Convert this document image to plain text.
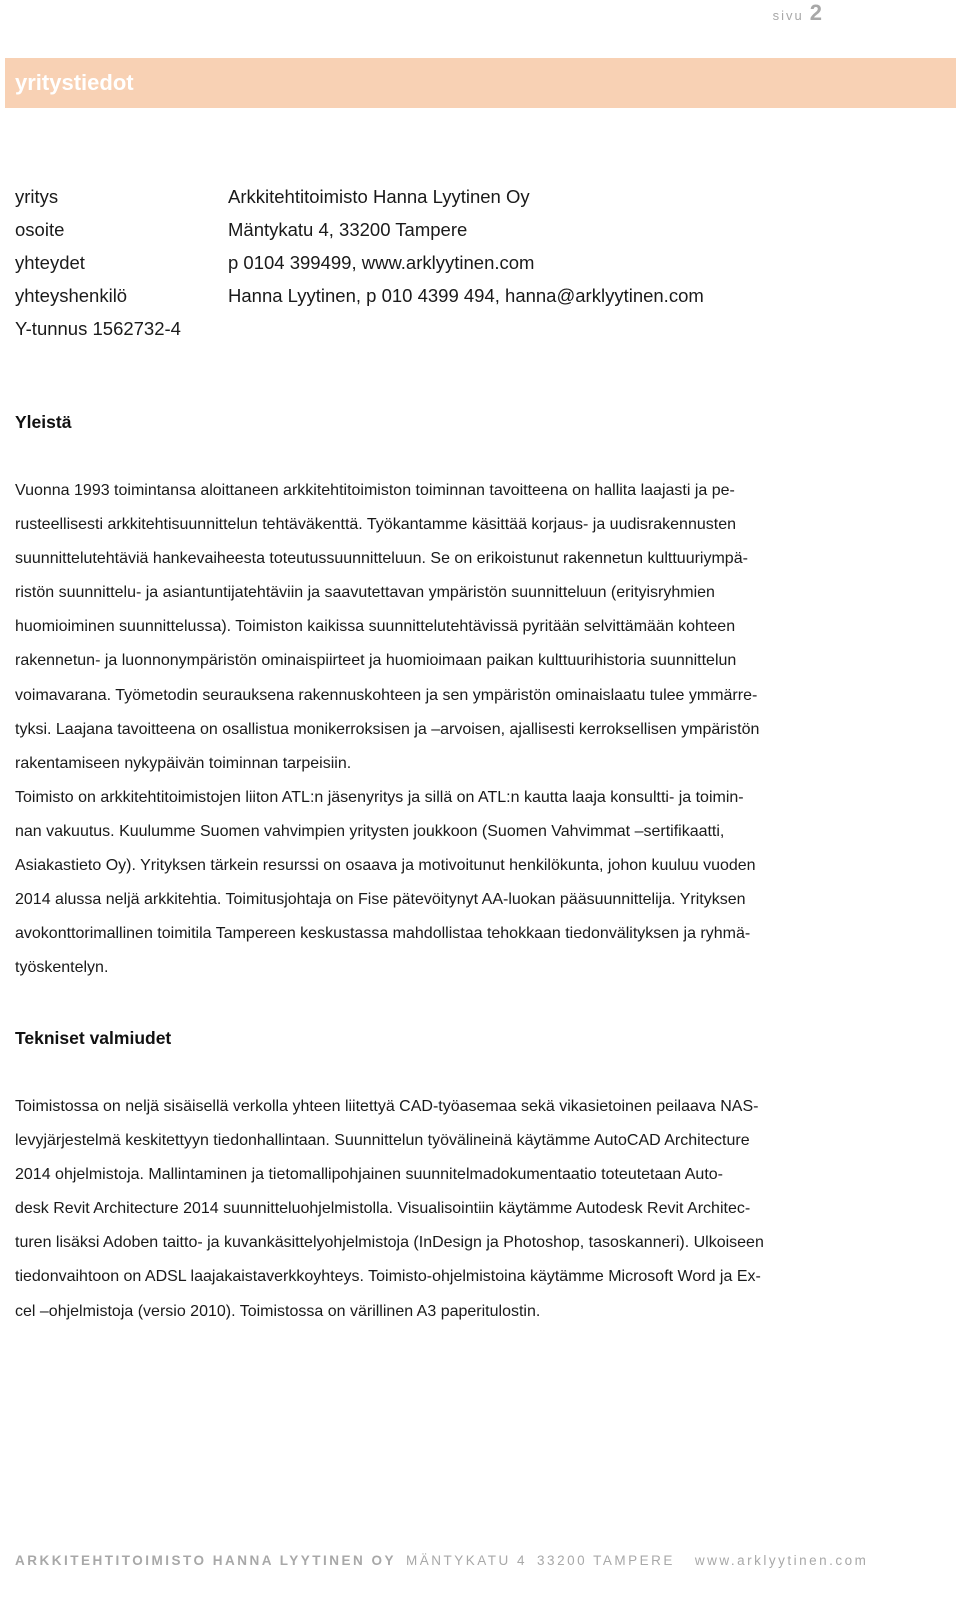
sivu 2
yritystiedot
yritys	Arkkitehtitoimisto Hanna Lyytinen Oy
osoite	Mäntykatu 4, 33200 Tampere
yhteydet	p 0104 399499, www.arklyytinen.com
yhteyshenkilö	Hanna Lyytinen, p 010 4399 494, hanna@arklyytinen.com
Y-tunnus 1562732-4
Yleistä
Vuonna 1993 toimintansa aloittaneen arkkitehtitoimiston toiminnan tavoitteena on hallita laajasti ja pe-
rusteellisesti arkkitehtisuunnittelun tehtäväkenttä. Työkantamme käsittää korjaus- ja uudisrakennusten
suunnittelutehtäviä hankevaiheesta toteutussuunnitteluun. Se on erikoistunut rakennetun kulttuuriympä-
ristön suunnittelu- ja asiantuntijatehtäviin ja saavutettavan ympäristön suunnitteluun (erityisryhmien
huomioiminen suunnittelussa). Toimiston kaikissa suunnittelutehtävissä pyritään selvittämään kohteen
rakennetun- ja luonnonympäristön ominaispiirteet ja huomioimaan paikan kulttuurihistoria suunnittelun
voimavarana. Työmetodin seurauksena rakennuskohteen ja sen ympäristön ominaislaatu tulee ymmärre-
tyksi. Laajana tavoitteena on osallistua monikerroksisen ja –arvoisen, ajallisesti kerroksellisen ympäristön
rakentamiseen nykypäivän toiminnan tarpeisiin.
Toimisto on arkkitehtitoimistojen liiton ATL:n jäsenyritys ja sillä on ATL:n kautta laaja konsultti- ja toimin-
nan vakuutus. Kuulumme Suomen vahvimpien yritysten joukkoon (Suomen Vahvimmat –sertifikaatti,
Asiakastieto Oy). Yrityksen tärkein resurssi on osaava ja motivoitunut henkilökunta, johon kuuluu vuoden
2014 alussa neljä arkkitehtia. Toimitusjohtaja on Fise pätevöitynyt AA-luokan pääsuunnittelija. Yrityksen
avokonttorimallinen toimitila Tampereen keskustassa mahdollistaa tehokkaan tiedonvälityksen ja ryhmä-
työskentelyn.
Tekniset valmiudet
Toimistossa on neljä sisäisellä verkolla yhteen liitettyä CAD-työasemaa sekä vikasietoinen peilaava NAS-
levyjärjestelmä keskitettyyn tiedonhallintaan. Suunnittelun työvälineinä käytämme AutoCAD Architecture
2014 ohjelmistoja. Mallintaminen ja tietomallipohjainen suunnitelmadokumentaatio toteutetaan Auto-
desk Revit Architecture 2014 suunnitteluohjelmistolla. Visualisointiin käytämme Autodesk Revit Architec-
turen lisäksi Adoben taitto- ja kuvankäsittelyohjelmistoja (InDesign ja Photoshop, tasoskanneri). Ulkoiseen
tiedonvaihtoon on ADSL laajakaistaverkkoyhteys. Toimisto-ohjelmistoina käytämme Microsoft Word ja Ex-
cel –ohjelmistoja (versio 2010). Toimistossa on värillinen A3 paperitulostin.
ARKKITEHTITOIMISTO HANNA LYYTINEN OY MÄNTYKATU 4 33200 TAMPERE www.arklyytinen.com
